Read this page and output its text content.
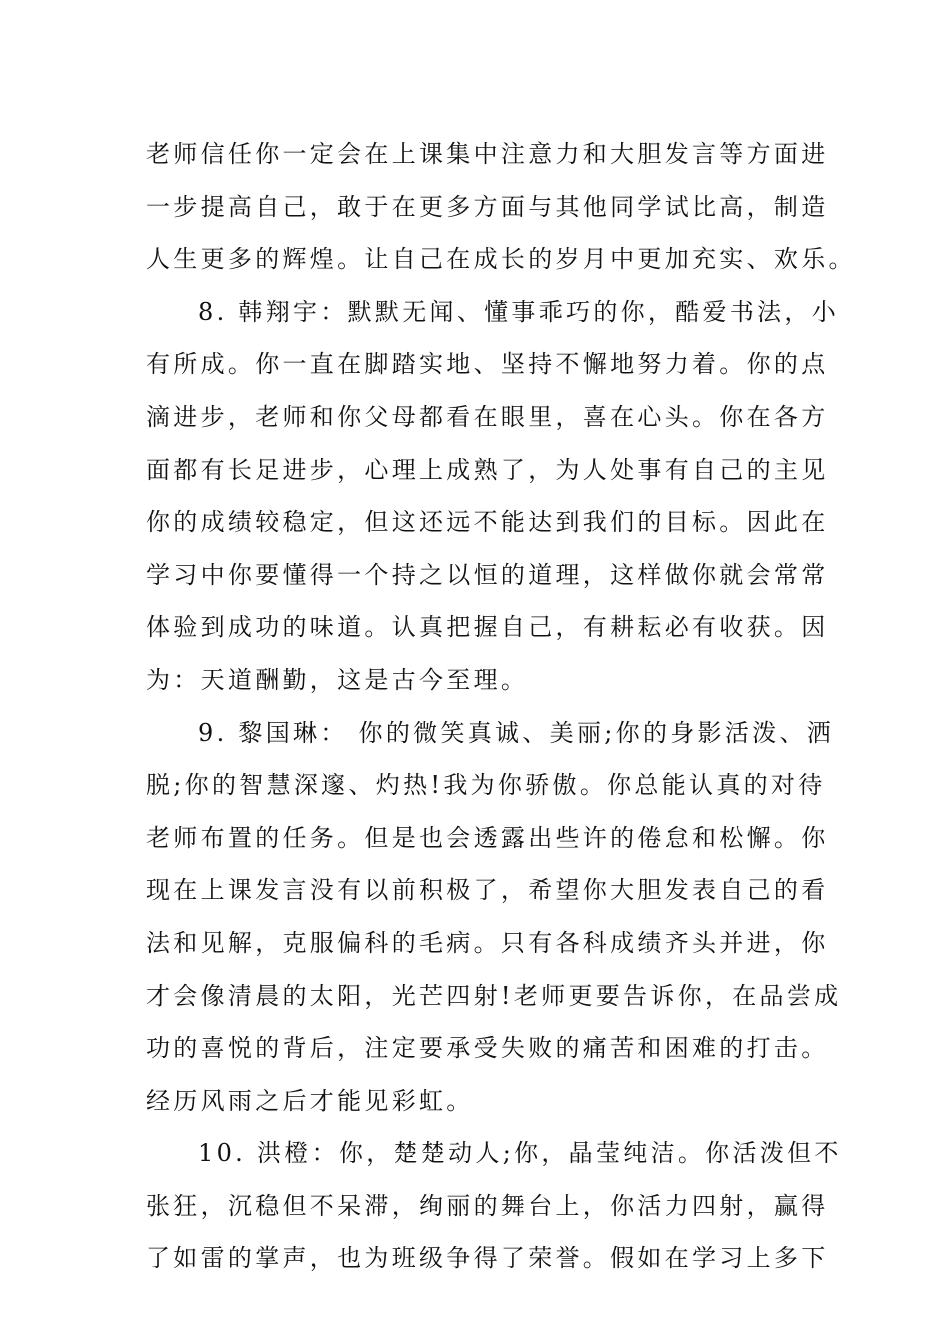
老师信任你一定会在上课集中注意力和大胆发言等方面进
一步提高自己，敢于在更多方面与其他同学试比高，制造
人生更多的辉煌。让自己在成长的岁月中更加充实、欢乐。
8. 韩翔宇：默默无闻、懂事乖巧的你，酷爱书法，小
有所成。你一直在脚踏实地、坚持不懈地努力着。你的点
滴进步，老师和你父母都看在眼里，喜在心头。你在各方
面都有长足进步，心理上成熟了，为人处事有自己的主见
你的成绩较稳定，但这还远不能达到我们的目标。因此在
学习中你要懂得一个持之以恒的道理，这样做你就会常常
体验到成功的味道。认真把握自己，有耕耘必有收获。因
为：天道酬勤，这是古今至理。
9. 黎国琳： 你的微笑真诚、美丽;你的身影活泼、洒
脱;你的智慧深邃、灼热!我为你骄傲。你总能认真的对待
老师布置的任务。但是也会透露出些许的倦怠和松懈。你
现在上课发言没有以前积极了，希望你大胆发表自己的看
法和见解，克服偏科的毛病。只有各科成绩齐头并进，你
才会像清晨的太阳，光芒四射!老师更要告诉你，在品尝成
功的喜悦的背后，注定要承受失败的痛苦和困难的打击。
经历风雨之后才能见彩虹。
10. 洪橙：你，楚楚动人;你，晶莹纯洁。你活泼但不
张狂，沉稳但不呆滞，绚丽的舞台上，你活力四射，赢得
了如雷的掌声，也为班级争得了荣誉。假如在学习上多下
